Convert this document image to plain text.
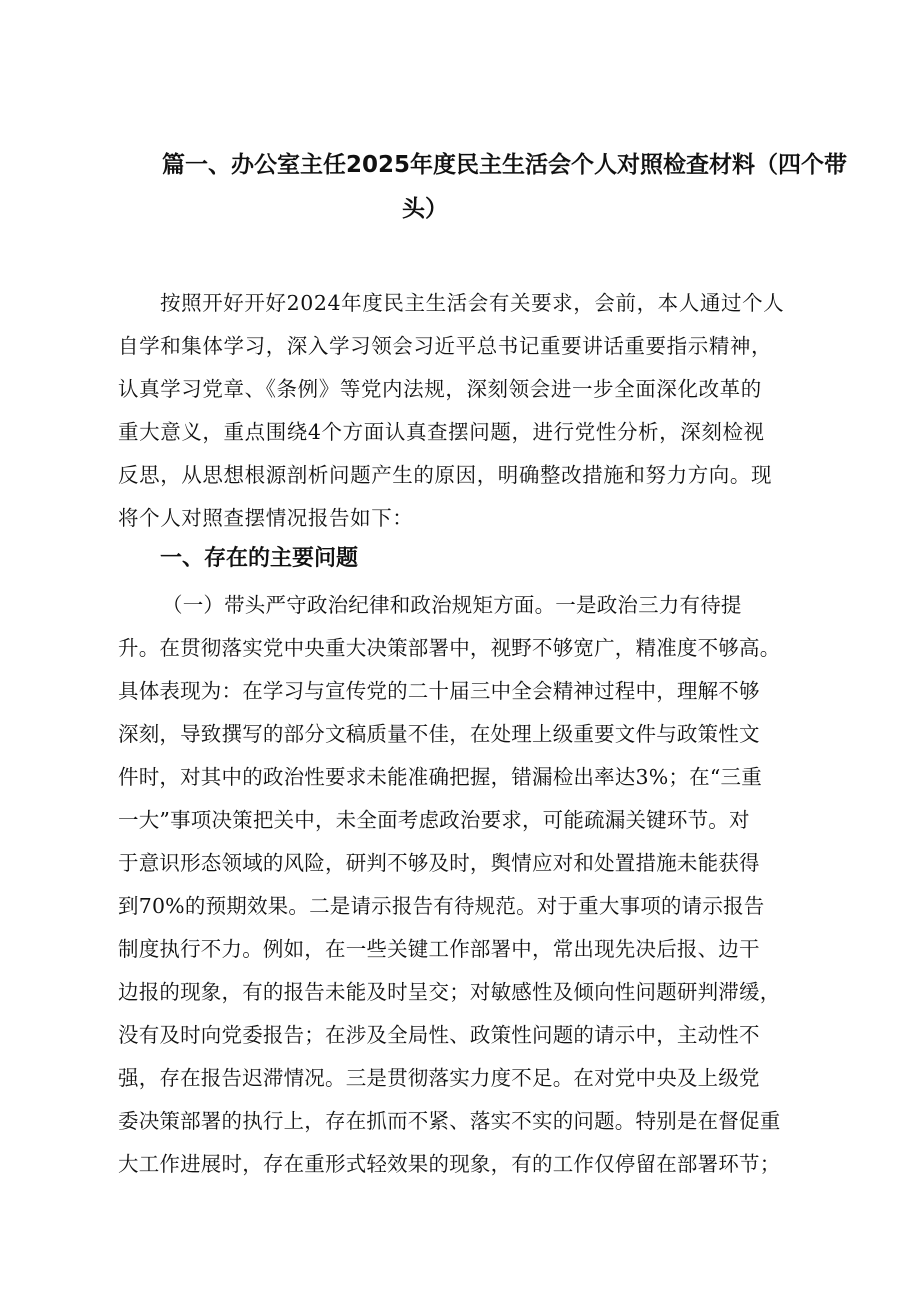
篇一、办公室主任2025年度民主生活会个人对照检查材料（四个带
头）
按照开好开好2024年度民主生活会有关要求，会前，本人通过个人
自学和集体学习，深入学习领会习近平总书记重要讲话重要指示精神，
认真学习党章、《条例》等党内法规，深刻领会进一步全面深化改革的
重大意义，重点围绕4个方面认真查摆问题，进行党性分析，深刻检视
反思，从思想根源剖析问题产生的原因，明确整改措施和努力方向。现
将个人对照查摆情况报告如下：
一、存在的主要问题
（一）带头严守政治纪律和政治规矩方面。一是政治三力有待提
升。在贯彻落实党中央重大决策部署中，视野不够宽广，精准度不够高。
具体表现为：在学习与宣传党的二十届三中全会精神过程中，理解不够
深刻，导致撰写的部分文稿质量不佳，在处理上级重要文件与政策性文
件时，对其中的政治性要求未能准确把握，错漏检出率达3%；在“三重
一大”事项决策把关中，未全面考虑政治要求，可能疏漏关键环节。对
于意识形态领域的风险，研判不够及时，舆情应对和处置措施未能获得
到70%的预期效果。二是请示报告有待规范。对于重大事项的请示报告
制度执行不力。例如，在一些关键工作部署中，常出现先决后报、边干
边报的现象，有的报告未能及时呈交；对敏感性及倾向性问题研判滞缓，
没有及时向党委报告；在涉及全局性、政策性问题的请示中，主动性不
强，存在报告迟滞情况。三是贯彻落实力度不足。在对党中央及上级党
委决策部署的执行上，存在抓而不紧、落实不实的问题。特别是在督促重
大工作进展时，存在重形式轻效果的现象，有的工作仅停留在部署环节；
